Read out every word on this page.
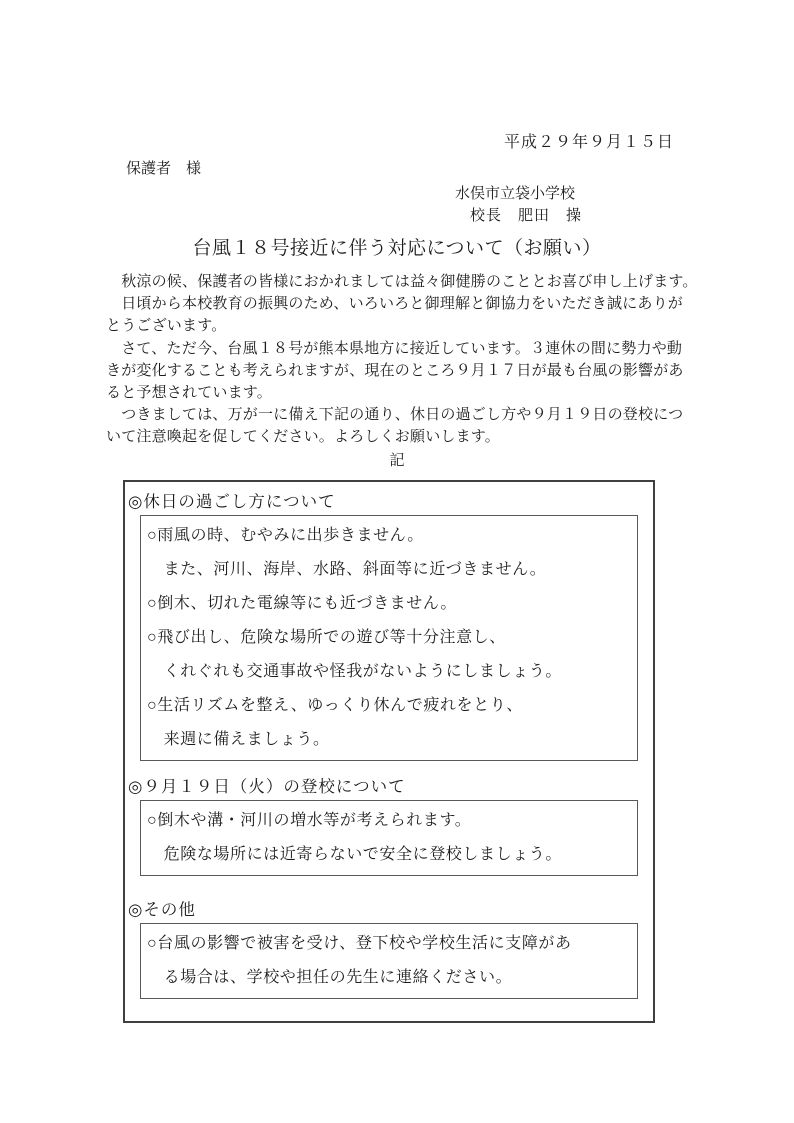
平成２９年９月１５日
保護者　様
水俣市立袋小学校
校長　肥田　操
台風１８号接近に伴う対応について（お願い）
　秋涼の候、保護者の皆様におかれましては益々御健勝のこととお喜び申し上げます。
　日頃から本校教育の振興のため、いろいろと御理解と御協力をいただき誠にありが
とうございます。
　さて、ただ今、台風１８号が熊本県地方に接近しています。３連休の間に勢力や動
きが変化することも考えられますが、現在のところ９月１７日が最も台風の影響があ
ると予想されています。
　つきましては、万が一に備え下記の通り、休日の過ごし方や９月１９日の登校につ
いて注意喚起を促してください。よろしくお願いします。
記
◎休日の過ごし方について
○雨風の時、むやみに出歩きません。
　また、河川、海岸、水路、斜面等に近づきません。
○倒木、切れた電線等にも近づきません。
○飛び出し、危険な場所での遊び等十分注意し、
　くれぐれも交通事故や怪我がないようにしましょう。
○生活リズムを整え、ゆっくり休んで疲れをとり、
　来週に備えましょう。
◎９月１９日（火）の登校について
○倒木や溝・河川の増水等が考えられます。
　危険な場所には近寄らないで安全に登校しましょう。
◎その他
○台風の影響で被害を受け、登下校や学校生活に支障があ
　る場合は、学校や担任の先生に連絡ください。
